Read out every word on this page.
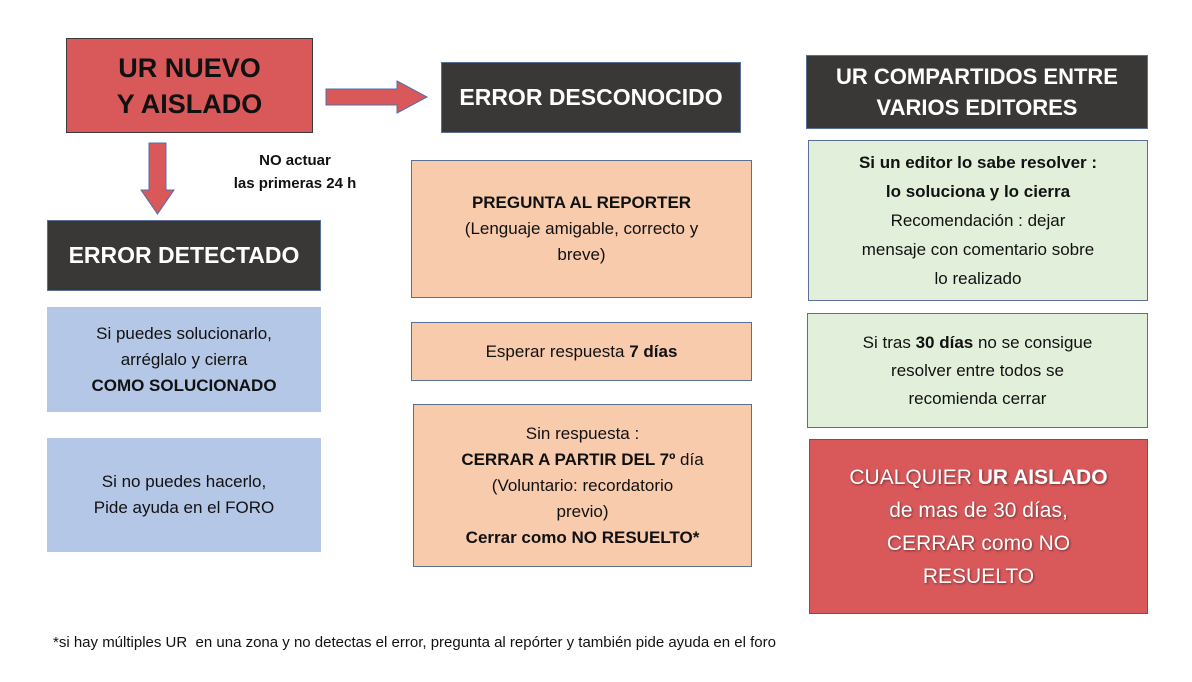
UR NUEVO
Y AISLADO
NO actuar
las primeras 24 h
ERROR DETECTADO
Si puedes solucionarlo,
arréglalo y cierra
COMO SOLUCIONADO
Si no puedes hacerlo,
Pide ayuda en el FORO
ERROR DESCONOCIDO
PREGUNTA AL REPORTER
(Lenguaje amigable, correcto y
breve)
Esperar respuesta 7 días
Sin respuesta :
CERRAR A PARTIR DEL 7º día
(Voluntario: recordatorio
previo)
Cerrar como NO RESUELTO*
UR COMPARTIDOS ENTRE
VARIOS EDITORES
Si un editor lo sabe resolver :
lo soluciona y lo cierra
Recomendación : dejar
mensaje con comentario sobre
lo realizado
Si tras 30 días no se consigue
resolver entre todos se
recomienda cerrar
CUALQUIER UR AISLADO
de mas de 30 días,
CERRAR como NO
RESUELTO
*si hay múltiples UR  en una zona y no detectas el error, pregunta al repórter y también pide ayuda en el foro
